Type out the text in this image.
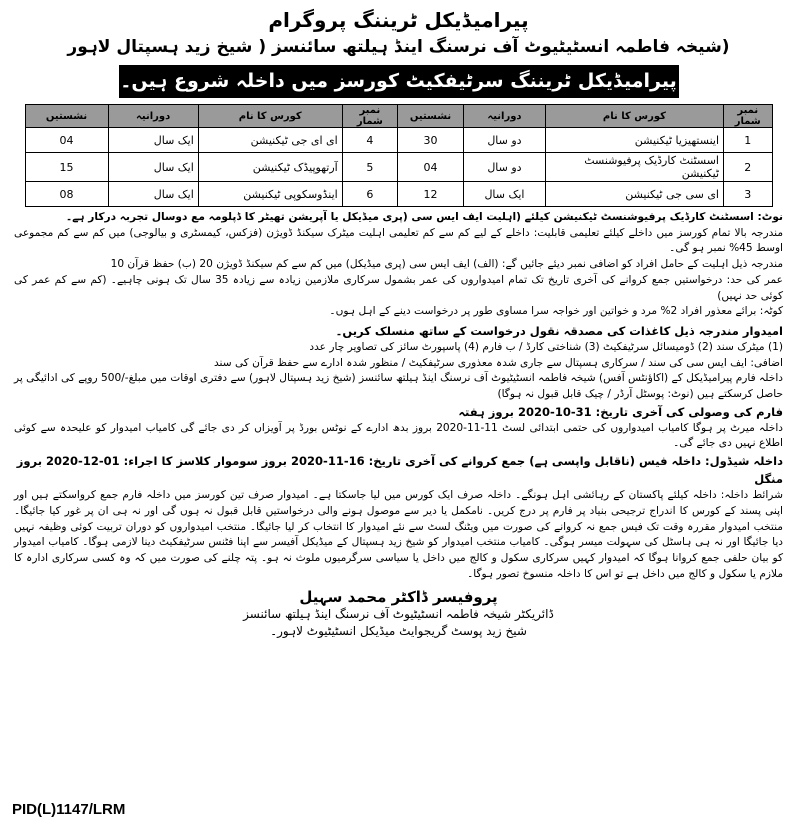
پیرامیڈیکل ٹریننگ پروگرام
(شیخہ فاطمہ انسٹیٹیوٹ آف نرسنگ اینڈ ہیلتھ سائنسز ( شیخ زید ہسپتال لاہور
پیرامیڈیکل ٹریننگ سرٹیفکیٹ کورسز میں داخلہ شروع ہیں۔
نمبر شمار	کورس کا نام	دورانیہ	نشستیں	نمبر شمار	کورس کا نام	دورانیہ	نشستیں
1	اینستھیزیا ٹیکنیشن	دو سال	30	4	ای ای جی ٹیکنیشن	ایک سال	04
2	اسسٹنٹ کارڈیک پرفیوشنسٹ ٹیکنیشن	دو سال	04	5	آرتھوپیڈک ٹیکنیشن	ایک سال	15
3	ای سی جی ٹیکنیشن	ایک سال	12	6	اینڈوسکوپی ٹیکنیشن	ایک سال	08

نوٹ: اسسٹنٹ کارڈیک پرفیوشنسٹ ٹیکنیشن کیلئے (اہلیت ایف ایس سی (پری میڈیکل یا آپریشن تھیٹر کا ڈپلومہ مع دوسال تجربہ درکار ہے۔

مندرجہ بالا تمام کورسز میں داخلے کیلئے تعلیمی قابلیت: داخلے کے لیے کم سے کم تعلیمی اہلیت میٹرک سیکنڈ ڈویژن (فزکس، کیمسٹری و بیالوجی) میں کم سے کم مجموعی اوسط 45% نمبر ہو گی۔

مندرجہ ذیل اہلیت کے حامل افراد کو اضافی نمبر دیئے جائیں گے: (الف) ایف ایس سی (پری میڈیکل) میں کم سے کم سیکنڈ ڈویژن 20 (ب) حفظ قرآن 10

عمر کی حد: درخواستیں جمع کروانے کی آخری تاریخ تک تمام امیدواروں کی عمر بشمول سرکاری ملازمین زیادہ سے زیادہ 35 سال تک ہونی چاہیے۔ (کم سے کم عمر کی کوئی حد نہیں)

کوٹہ: برائے معذور افراد 2% مرد و خواتین اور خواجہ سرا مساوی طور پر درخواست دینے کے اہل ہوں۔

امیدوار مندرجہ ذیل کاغذات کی مصدقہ نقول درخواست کے ساتھ منسلک کریں۔

(1) میٹرک سند (2) ڈومیسائل سرٹیفکیٹ (3) شناختی کارڈ / ب فارم (4) پاسپورٹ سائز کی تصاویر چار عدد

اضافی: ایف ایس سی کی سند / سرکاری ہسپتال سے جاری شدہ معذوری سرٹیفکیٹ / منظور شدہ ادارے سے حفظ قرآن کی سند

داخلہ فارم پیرامیڈیکل کے (اکاؤنٹس آفس) شیخہ فاطمہ انسٹیٹیوٹ آف نرسنگ اینڈ ہیلتھ سائنسز (شیخ زید ہسپتال لاہور) سے دفتری اوقات میں مبلغ-/500 روپے کی ادائیگی پر حاصل کرسکتے ہیں (نوٹ: پوسٹل آرڈر / چیک قابل قبول نہ ہوگا)

فارم کی وصولی کی آخری تاریخ: 31-10-2020 بروز ہفتہ

داخلہ میرٹ پر ہوگا کامیاب امیدواروں کی حتمی ابتدائی لسٹ 11-11-2020 بروز بدھ ادارے کے نوٹس بورڈ پر آویزاں کر دی جائے گی کامیاب امیدوار کو علیحدہ سے کوئی اطلاع نہیں دی جائے گی۔

داخلہ شیڈول: داخلہ فیس (ناقابل واپسی ہے) جمع کروانے کی آخری تاریخ: 16-11-2020 بروز سوموار کلاسز کا اجراء: 01-12-2020 بروز منگل

شرائط داخلہ: داخلہ کیلئے پاکستان کے رہائشی اہل ہونگے۔ داخلہ صرف ایک کورس میں لیا جاسکتا ہے۔ امیدوار صرف تین کورسز میں داخلہ فارم جمع کرواسکتے ہیں اور اپنی پسند کے کورس کا اندراج ترجیحی بنیاد پر فارم پر درج کریں۔ نامکمل یا دیر سے موصول ہونے والی درخواستیں قابل قبول نہ ہوں گی اور نہ ہی ان پر غور کیا جائیگا۔ منتخب امیدوار مقررہ وقت تک فیس جمع نہ کروانے کی صورت میں ویٹنگ لسٹ سے نئے امیدوار کا انتخاب کر لیا جائیگا۔ منتخب امیدواروں کو دوران تربیت کوئی وظیفہ نہیں دیا جائیگا اور نہ ہی ہاسٹل کی سہولت میسر ہوگی۔ کامیاب منتخب امیدوار کو شیخ زید ہسپتال کے میڈیکل آفیسر سے اپنا فٹنس سرٹیفکیٹ دینا لازمی ہوگا۔ کامیاب امیدوار کو بیان حلفی جمع کروانا ہوگا کہ امیدوار کہیں سرکاری سکول و کالج میں داخل یا سیاسی سرگرمیوں ملوث نہ ہو۔ پتہ چلنے کی صورت میں کہ وہ کسی سرکاری ادارہ کا ملازم یا سکول و کالج میں داخل ہے تو اس کا داخلہ منسوخ تصور ہوگا۔

پروفیسر ڈاکٹر محمد سہیل
ڈائریکٹر شیخہ فاطمہ انسٹیٹیوٹ آف نرسنگ اینڈ ہیلتھ سائنسز
شیخ زید پوسٹ گریجوایٹ میڈیکل انسٹیٹیوٹ لاہور۔
PID(L)1147/LRM
